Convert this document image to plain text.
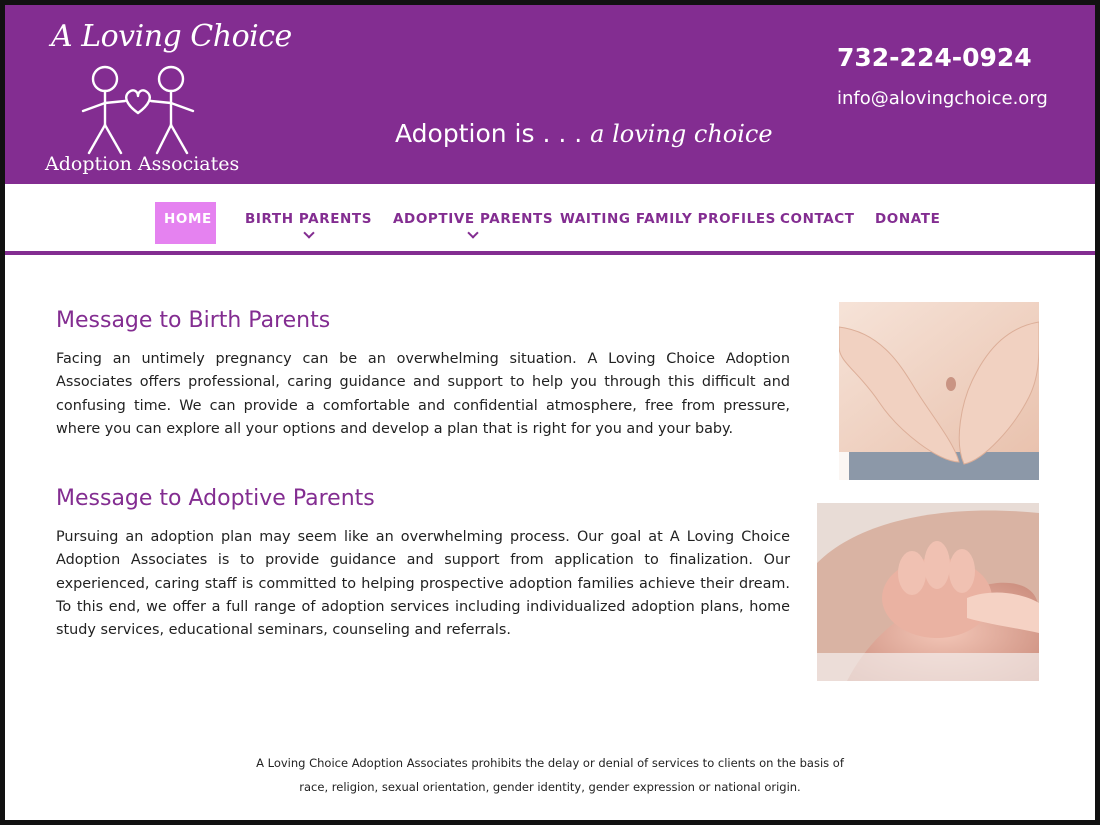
A Loving Choice
Adoption Associates
Adoption is . . . a loving choice
732-224-0924
info@alovingchoice.org
HOME	BIRTH PARENTS	ADOPTIVE PARENTS WAITING FAMILY PROFILES CONTACT	DONATE
Message to Birth Parents

Facing an untimely pregnancy can be an overwhelming situation. A Loving Choice Adoption Associates offers professional, caring guidance and support to help you through this difficult and confusing time. We can provide a comfortable and confidential atmosphere, free from pressure, where you can explore all your options and develop a plan that is right for you and your baby.

Message to Adoptive Parents

Pursuing an adoption plan may seem like an overwhelming process. Our goal at A Loving Choice Adoption Associates is to provide guidance and support from application to finalization. Our experienced, caring staff is committed to helping prospective adoption families achieve their dream. To this end, we offer a full range of adoption services including individualized adoption plans, home study services, educational seminars, counseling and referrals.

A Loving Choice Adoption Associates prohibits the delay or denial of services to clients on the basis of
race, religion, sexual orientation, gender identity, gender expression or national origin.
